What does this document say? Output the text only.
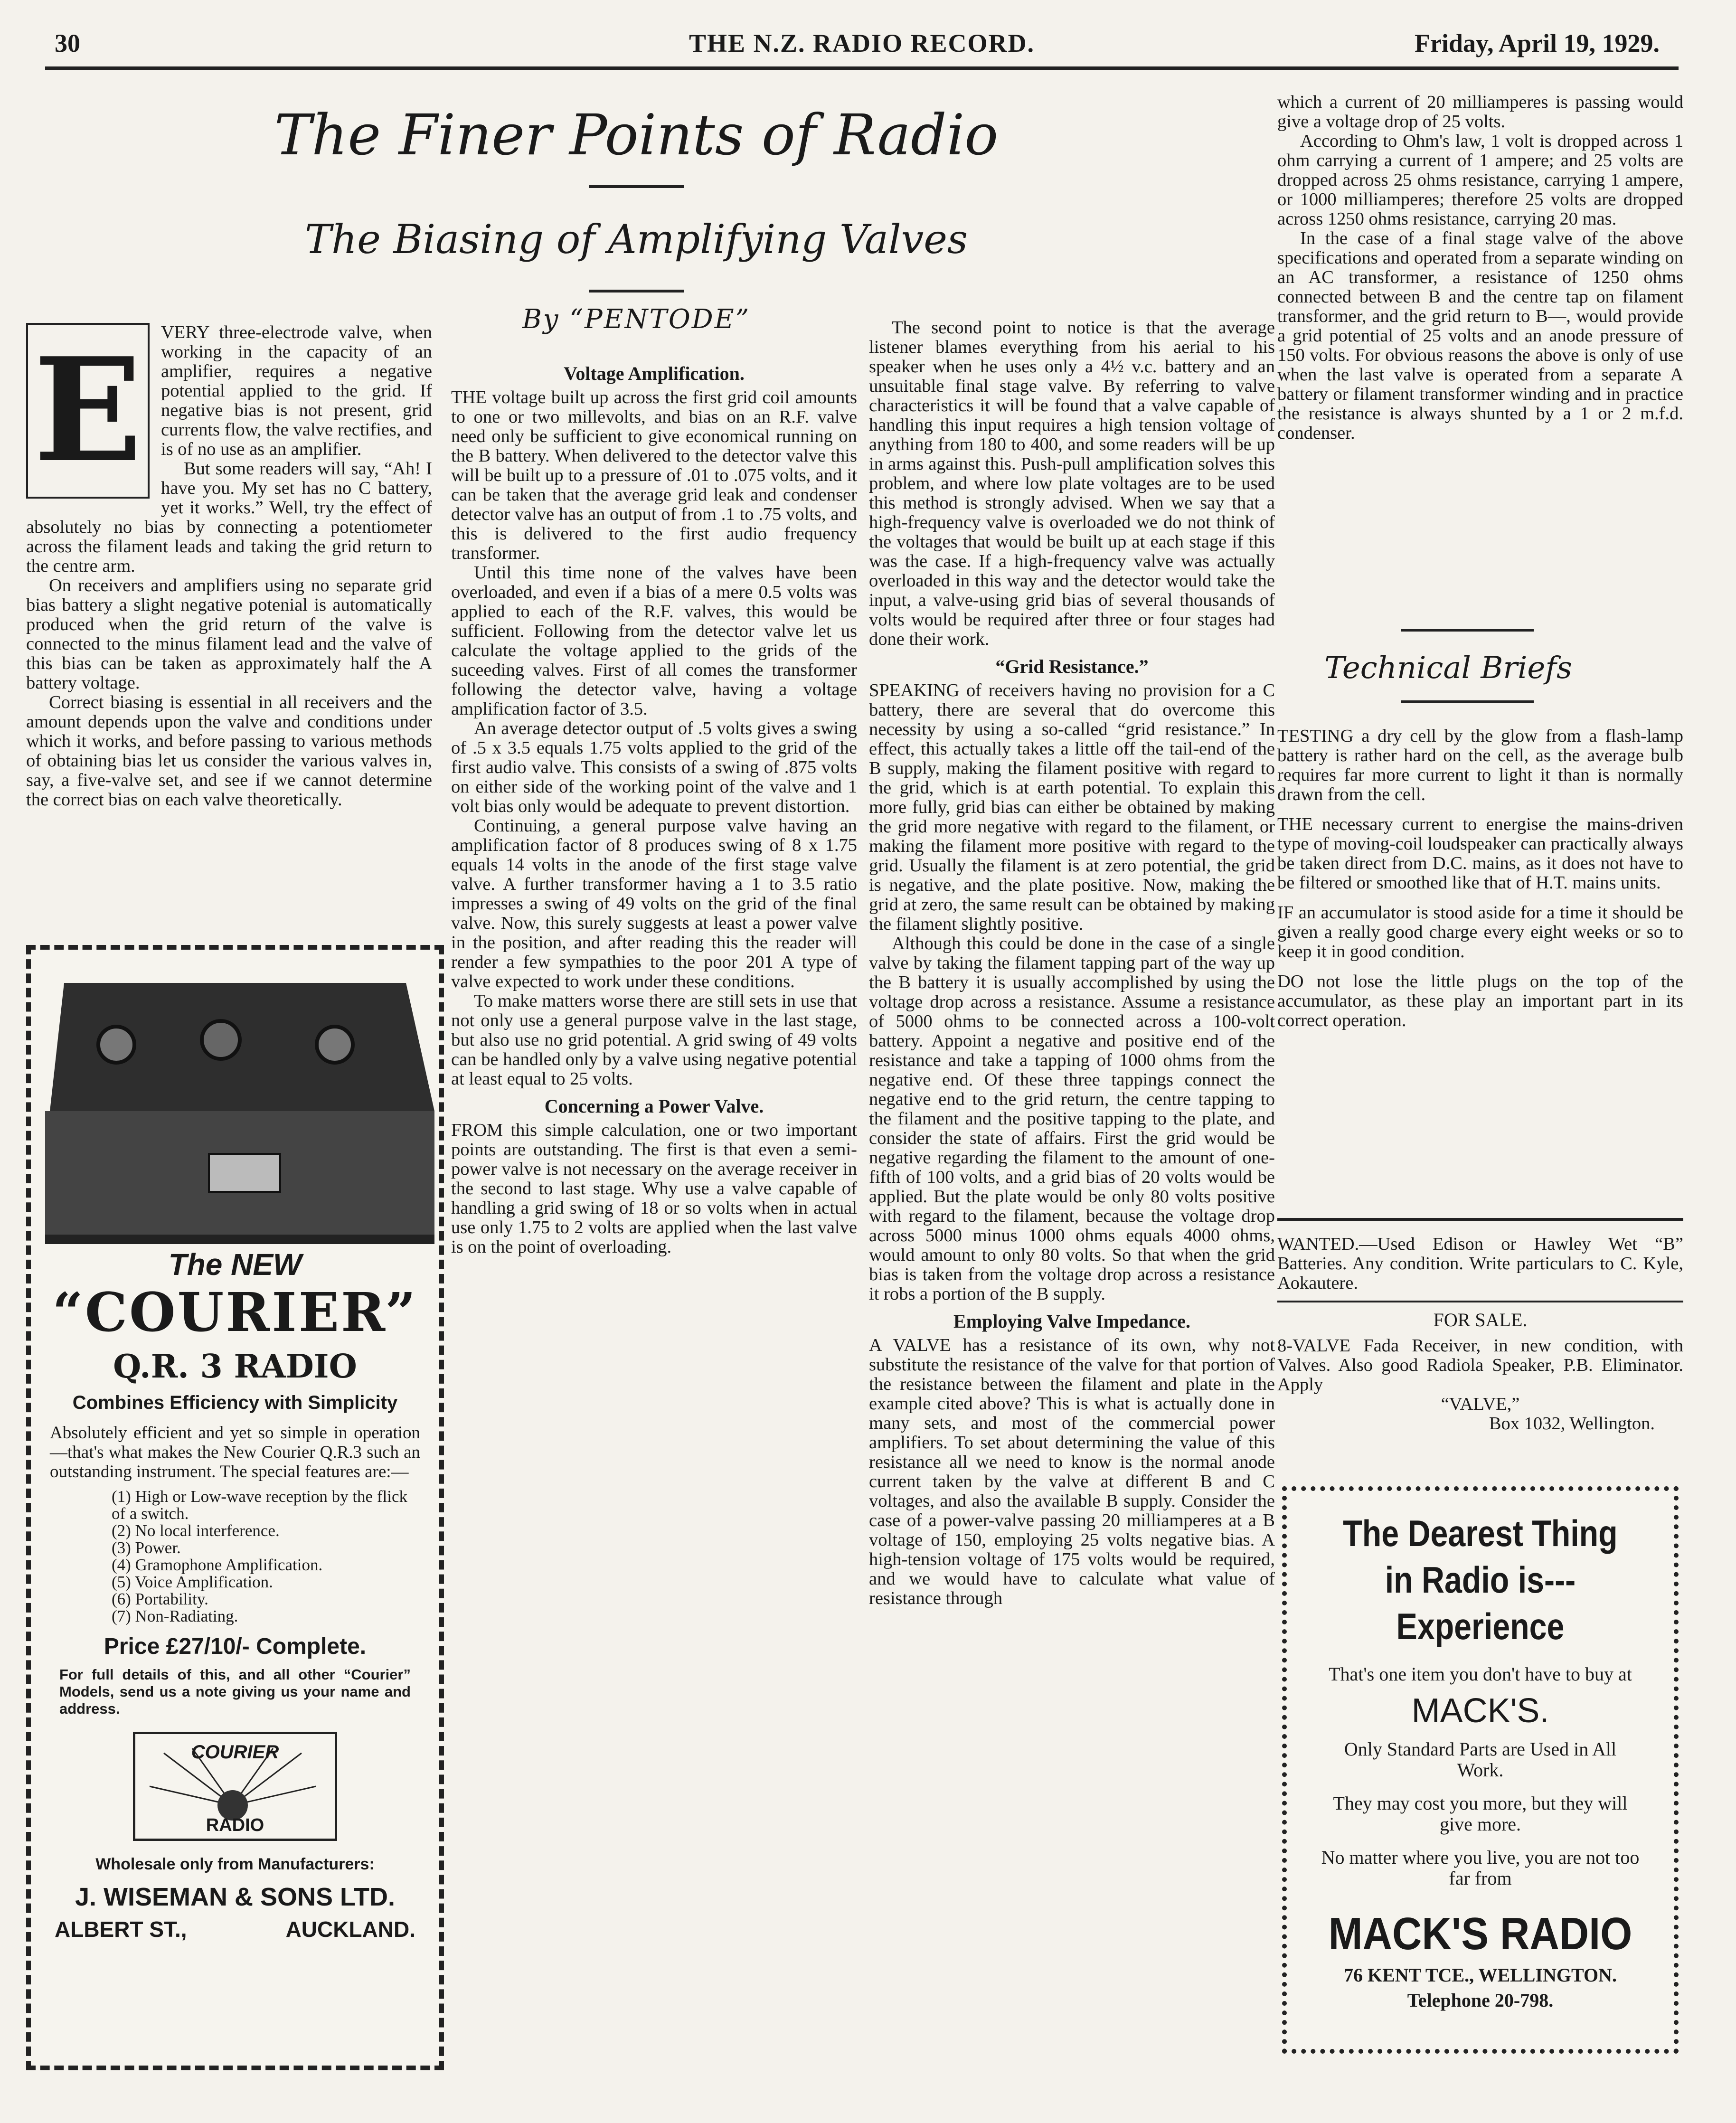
30	THE N.Z. RADIO RECORD.	Friday, April 19, 1929.
The Finer Points of Radio
The Biasing of Amplifying Valves
By “PENTODE”
E	VERY three-electrode valve, when working in the capacity of an amplifier, requires a negative potential applied to the grid. If negative bias is not present, grid currents flow, the valve rectifies, and is of no use as an amplifier.

But some readers will say, “Ah! I have you. My set has no C battery, yet it works.” Well, try the effect of absolutely no bias by connecting a potentiometer across the filament leads and taking the grid return to the centre arm.

On receivers and amplifiers using no separate grid bias battery a slight negative potenial is automatically produced when the grid return of the valve is connected to the minus filament lead and the valve of this bias can be taken as approximately half the A battery voltage.

Correct biasing is essential in all receivers and the amount depends upon the valve and conditions under which it works, and before passing to various methods of obtaining bias let us consider the various valves in, say, a five-valve set, and see if we cannot determine the correct bias on each valve theoretically.

The NEW
“COURIER”
Q.R. 3 RADIO
Combines Efficiency with Simplicity
Absolutely efficient and yet so simple in operation—that's what makes the New Courier Q.R.3 such an outstanding instrument. The special features are:—
(1) High or Low-wave reception by the flick of a switch.
(2) No local interference.
(3) Power.
(4) Gramophone Amplification.
(5) Voice Amplification.
(6) Portability.
(7) Non-Radiating.
Price £27/10/- Complete.
For full details of this, and all other “Courier” Models, send us a note giving us your name and address.
COURIER
RADIO
Wholesale only from Manufacturers:
J. WISEMAN & SONS LTD.
ALBERT ST.,	AUCKLAND.
Voltage Amplification.

THE voltage built up across the first grid coil amounts to one or two millevolts, and bias on an R.F. valve need only be sufficient to give economical running on the B battery. When delivered to the detector valve this will be built up to a pressure of .01 to .075 volts, and it can be taken that the average grid leak and condenser detector valve has an output of from .1 to .75 volts, and this is delivered to the first audio frequency transformer.

Until this time none of the valves have been overloaded, and even if a bias of a mere 0.5 volts was applied to each of the R.F. valves, this would be sufficient. Following from the detector valve let us calculate the voltage applied to the grids of the suceeding valves. First of all comes the transformer following the detector valve, having a voltage amplification factor of 3.5.

An average detector output of .5 volts gives a swing of .5 x 3.5 equals 1.75 volts applied to the grid of the first audio valve. This consists of a swing of .875 volts on either side of the working point of the valve and 1 volt bias only would be adequate to prevent distortion.

Continuing, a general purpose valve having an amplification factor of 8 produces swing of 8 x 1.75 equals 14 volts in the anode of the first stage valve valve. A further transformer having a 1 to 3.5 ratio impresses a swing of 49 volts on the grid of the final valve. Now, this surely suggests at least a power valve in the position, and after reading this the reader will render a few sympathies to the poor 201 A type of valve expected to work under these conditions.

To make matters worse there are still sets in use that not only use a general purpose valve in the last stage, but also use no grid potential. A grid swing of 49 volts can be handled only by a valve using negative potential at least equal to 25 volts.

Concerning a Power Valve.

FROM this simple calculation, one or two important points are outstanding. The first is that even a semi-power valve is not necessary on the average receiver in the second to last stage. Why use a valve capable of handling a grid swing of 18 or so volts when in actual use only 1.75 to 2 volts are applied when the last valve is on the point of overloading.

The second point to notice is that the average listener blames everything from his aerial to his speaker when he uses only a 4½ v.c. battery and an unsuitable final stage valve. By referring to valve characteristics it will be found that a valve capable of handling this input requires a high tension voltage of anything from 180 to 400, and some readers will be up in arms against this. Push-pull amplification solves this problem, and where low plate voltages are to be used this method is strongly advised. When we say that a high-frequency valve is overloaded we do not think of the voltages that would be built up at each stage if this was the case. If a high-frequency valve was actually overloaded in this way and the detector would take the input, a valve-using grid bias of several thousands of volts would be required after three or four stages had done their work.

“Grid Resistance.”

SPEAKING of receivers having no provision for a C battery, there are several that do overcome this necessity by using a so-called “grid resistance.” In effect, this actually takes a little off the tail-end of the B supply, making the filament positive with regard to the grid, which is at earth potential. To explain this more fully, grid bias can either be obtained by making the grid more negative with regard to the filament, or making the filament more positive with regard to the grid. Usually the filament is at zero potential, the grid is negative, and the plate positive. Now, making the grid at zero, the same result can be obtained by making the filament slightly positive.

Although this could be done in the case of a single valve by taking the filament tapping part of the way up the B battery it is usually accomplished by using the voltage drop across a resistance. Assume a resistance of 5000 ohms to be connected across a 100-volt battery. Appoint a negative and positive end of the resistance and take a tapping of 1000 ohms from the negative end. Of these three tappings connect the negative end to the grid return, the centre tapping to the filament and the positive tapping to the plate, and consider the state of affairs. First the grid would be negative regarding the filament to the amount of one-fifth of 100 volts, and a grid bias of 20 volts would be applied. But the plate would be only 80 volts positive with regard to the filament, because the voltage drop across 5000 minus 1000 ohms equals 4000 ohms, would amount to only 80 volts. So that when the grid bias is taken from the voltage drop across a resistance it robs a portion of the B supply.

Employing Valve Impedance.

A VALVE has a resistance of its own, why not substitute the resistance of the valve for that portion of the resistance between the filament and plate in the example cited above? This is what is actually done in many sets, and most of the commercial power amplifiers. To set about determining the value of this resistance all we need to know is the normal anode current taken by the valve at different B and C voltages, and also the available B supply. Consider the case of a power-valve passing 20 milliamperes at a B voltage of 150, employing 25 volts negative bias. A high-tension voltage of 175 volts would be required, and we would have to calculate what value of resistance through

which a current of 20 milliamperes is passing would give a voltage drop of 25 volts.

According to Ohm's law, 1 volt is dropped across 1 ohm carrying a current of 1 ampere; and 25 volts are dropped across 25 ohms resistance, carrying 1 ampere, or 1000 milliamperes; therefore 25 volts are dropped across 1250 ohms resistance, carrying 20 mas.

In the case of a final stage valve of the above specifications and operated from a separate winding on an AC transformer, a resistance of 1250 ohms connected between B and the centre tap on filament transformer, and the grid return to B—, would provide a grid potential of 25 volts and an anode pressure of 150 volts. For obvious reasons the above is only of use when the last valve is operated from a separate A battery or filament transformer winding and in practice the resistance is always shunted by a 1 or 2 m.f.d. condenser.

Technical Briefs

TESTING a dry cell by the glow from a flash-lamp battery is rather hard on the cell, as the average bulb requires far more current to light it than is normally drawn from the cell.

THE necessary current to energise the mains-driven type of moving-coil loudspeaker can practically always be taken direct from D.C. mains, as it does not have to be filtered or smoothed like that of H.T. mains units.

IF an accumulator is stood aside for a time it should be given a really good charge every eight weeks or so to keep it in good condition.

DO not lose the little plugs on the top of the accumulator, as these play an important part in its correct operation.

WANTED.—Used Edison or Hawley Wet “B” Batteries. Any condition. Write particulars to C. Kyle, Aokautere.

FOR SALE.

8-VALVE Fada Receiver, in new condition, with Valves. Also good Radiola Speaker, P.B. Eliminator. Apply

“VALVE,”
Box 1032, Wellington.
The Dearest Thing in Radio is---Experience
That's one item you don't have to buy at
MACK'S.
Only Standard Parts are Used in All Work.
They may cost you more, but they will give more.
No matter where you live, you are not too far from
MACK'S RADIO
76 KENT TCE., WELLINGTON.
Telephone 20-798.
